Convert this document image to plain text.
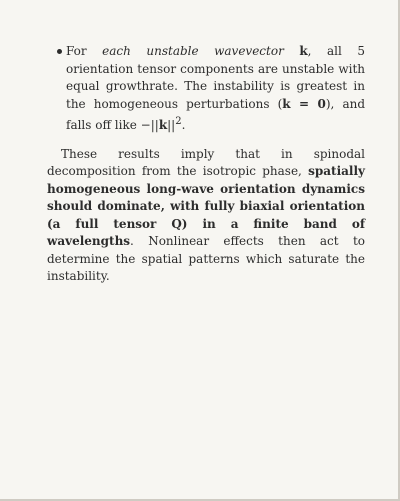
For each unstable wavevector k, all 5 orientation tensor components are unstable with equal growthrate. The instability is greatest in the homogeneous perturbations (k = 0), and falls off like $-||k||^2$.

These results imply that in spinodal decomposition from the isotropic phase, spatially homogeneous long-wave orientation dynamics should dominate, with fully biaxial orientation (a full tensor Q) in a finite band of wavelengths. Nonlinear effects then act to determine the spatial patterns which saturate the instability.
